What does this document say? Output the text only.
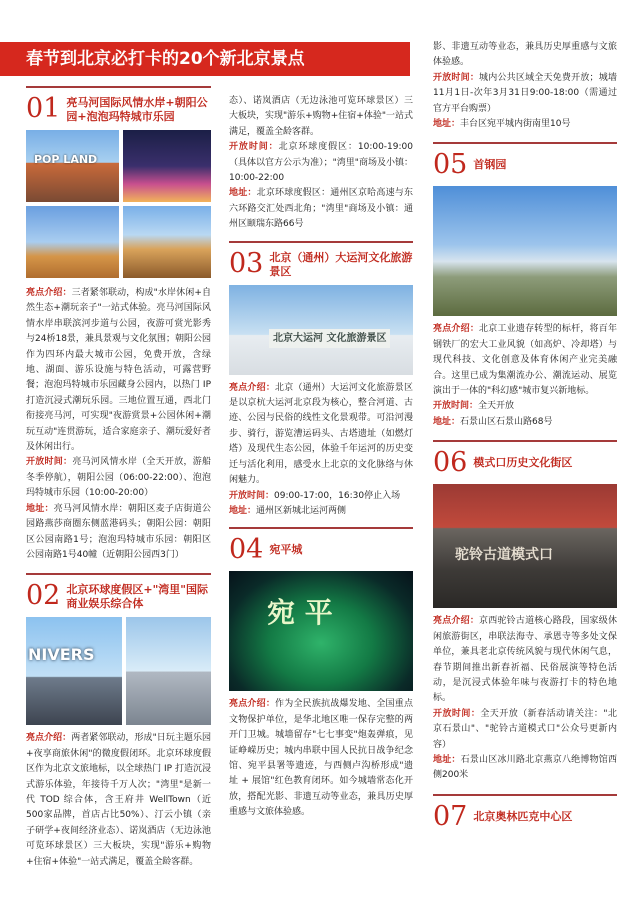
春节到北京必打卡的20个新北京景点
01 亮马河国际风情水岸+朝阳公园+泡泡玛特城市乐园
POP LAND

亮点介绍：三者紧邻联动，构成"水岸休闲+自然生态+潮玩亲子"一站式体验。亮马河国际风情水岸串联滨河步道与公园，夜游可赏光影秀与24桥18景，兼具景观与文化氛围；朝阳公园作为四环内最大城市公园，免费开放，含绿地、湖面、游乐设施与特色活动，可露营野餐；泡泡玛特城市乐园藏身公园内，以热门 IP 打造沉浸式潮玩乐园。三地位置互通，西北门衔接亮马河，可实现"夜游赏景+公园休闲+潮玩互动"连贯游玩，适合家庭亲子、潮玩爱好者及休闲出行。

开放时间：亮马河风情水岸（全天开放，游船冬季停航），朝阳公园（06:00-22:00）、泡泡玛特城市乐园（10:00-20:00）

地址：亮马河风情水岸：朝阳区麦子店街道公园路燕莎商圈东侧蓝港码头；朝阳公园：朝阳区公园南路1号；泡泡玛特城市乐园：朝阳区公园南路1号40幢（近朝阳公园西3门）

02 北京环球度假区+"湾里"国际商业娱乐综合体
NIVERS

亮点介绍：两者紧邻联动，形成"日玩主题乐园+夜享商旅休闲"的微度假闭环。北京环球度假区作为北京文旅地标，以全球热门 IP 打造沉浸式游乐体验，年接待千万人次；"湾里"是新一代 TOD 综合体，含王府井 WellTown（近500家品牌，首店占比50%）、汀云小镇（亲子研学+夜间经济业态）、诺岚酒店（无边泳池可览环球景区）三大板块，实现"游乐+购物+住宿+体验"一站式满足，覆盖全龄客群。

态）、诺岚酒店（无边泳池可览环球景区）三大板块，实现"游乐+购物+住宿+体验"一站式满足，覆盖全龄客群。

开放时间：北京环球度假区：10:00-19:00（具体以官方公示为准）；"湾里"商场及小镇：10:00-22:00

地址：北京环球度假区：通州区京哈高速与东六环路交汇处西北角；"湾里"商场及小镇：通州区颐瑞东路66号

03 北京（通州）大运河文化旅游景区
北京大运河 文化旅游景区

亮点介绍：北京（通州）大运河文化旅游景区是以京杭大运河北京段为核心，整合河道、古迹、公园与民俗的线性文化景观带。可沿河漫步、骑行，游览漕运码头、古塔遗址（如燃灯塔）及现代生态公园，体验千年运河的历史变迁与活化利用，感受水上北京的文化脉络与休闲魅力。

开放时间：09:00-17:00，16:30停止入场

地址：通州区新城北运河两侧

04 宛平城
宛 平

亮点介绍：作为全民族抗战爆发地、全国重点文物保护单位，是华北地区唯一保存完整的两开门卫城。城墙留存"七七事变"炮轰弹痕，见证峥嵘历史；城内串联中国人民抗日战争纪念馆、宛平县署等遗迹，与西侧卢沟桥形成"遗址 + 展馆"红色教育闭环。如今城墙常态化开放，搭配光影、非遗互动等业态，兼具历史厚重感与文旅体验感。

影、非遗互动等业态，兼具历史厚重感与文旅体验感。

开放时间：城内公共区域全天免费开放；城墙11月1日-次年3月31日9:00-18:00（需通过官方平台购票）

地址：丰台区宛平城内街南里10号

05 首钢园

亮点介绍：北京工业遗存转型的标杆，将百年钢铁厂的宏大工业风貌（如高炉、冷却塔）与现代科技、文化创意及体育休闲产业完美融合。这里已成为集潮流办公、潮流运动、展览演出于一体的"科幻感"城市复兴新地标。

开放时间：全天开放

地址：石景山区石景山路68号

06 模式口历史文化街区
驼铃古道模式口

亮点介绍：京西驼铃古道核心路段，国家级休闲旅游街区，串联法海寺、承恩寺等多处文保单位，兼具老北京传统风貌与现代休闲气息，春节期间推出新春祈福、民俗展演等特色活动，是沉浸式体验年味与夜游打卡的特色地标。

开放时间：全天开放（新春活动请关注："北京石景山"、"驼铃古道模式口"公众号更新内容）

地址：石景山区冰川路北京燕京八绝博物馆西侧200米

07 北京奥林匹克中心区
